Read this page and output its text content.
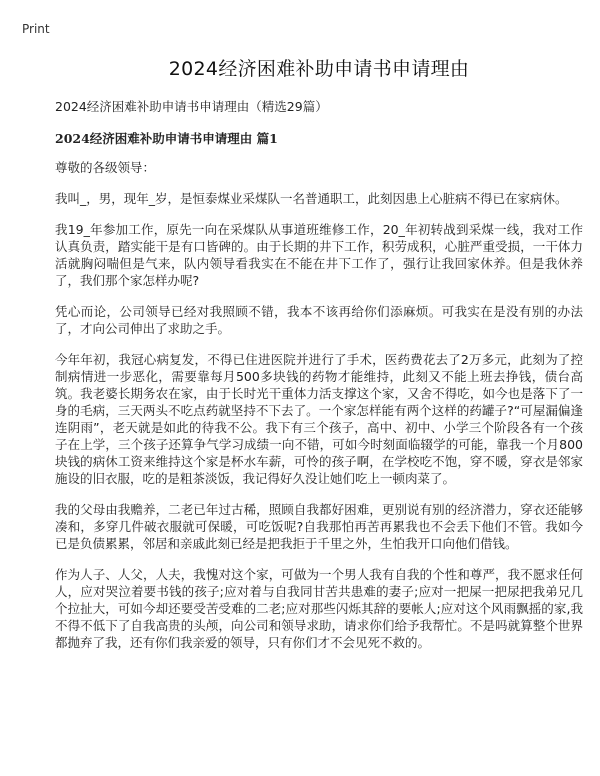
Print
2024经济困难补助申请书申请理由

2024经济困难补助申请书申请理由（精选29篇）

2024经济困难补助申请书申请理由 篇1

尊敬的各级领导：

我叫_，男，现年_岁，是恒泰煤业采煤队一名普通职工，此刻因患上心脏病不得已在家病休。

我19_年参加工作，原先一向在采煤队从事道班维修工作，20_年初转战到采煤一线，我对工作认真负责，踏实能干是有口皆碑的。由于长期的井下工作，积劳成积，心脏严重受损，一干体力活就胸闷喘但是气来，队内领导看我实在不能在井下工作了，强行让我回家休养。但是我休养了，我们那个家怎样办呢?

凭心而论，公司领导已经对我照顾不错，我本不该再给你们添麻烦。可我实在是没有别的办法了，才向公司伸出了求助之手。

今年年初，我冠心病复发，不得已住进医院并进行了手术，医药费花去了2万多元，此刻为了控制病情进一步恶化，需要靠每月500多块钱的药物才能维持，此刻又不能上班去挣钱，债台高筑。我老婆长期务农在家，由于长时光干重体力活支撑这个家，又舍不得吃，如今也是落下了一身的毛病，三天两头不吃点药就坚持不下去了。一个家怎样能有两个这样的药罐子?“可屋漏偏逢连阴雨”，老天就是如此的待我不公。我下有三个孩子，高中、初中、小学三个阶段各有一个孩子在上学，三个孩子还算争气学习成绩一向不错，可如今时刻面临辍学的可能，靠我一个月800块钱的病休工资来维持这个家是杯水车薪，可怜的孩子啊，在学校吃不饱，穿不暖，穿衣是邻家施设的旧衣服，吃的是粗茶淡饭，我记得好久没让她们吃上一顿肉菜了。

我的父母由我赡养，二老已年过古稀，照顾自我都好困难，更别说有别的经济潜力，穿衣还能够凑和，多穿几件破衣服就可保暖，可吃饭呢?自我那怕再苦再累我也不会丢下他们不管。我如今已是负债累累，邻居和亲戚此刻已经是把我拒于千里之外，生怕我开口向他们借钱。

作为人子、人父，人夫，我愧对这个家，可做为一个男人我有自我的个性和尊严，我不愿求任何人，应对哭泣着要书钱的孩子;应对着与自我同甘苦共患难的妻子;应对一把屎一把尿把我弟兄几个拉扯大，可如今却还要受苦受难的二老;应对那些闪烁其辞的要帐人;应对这个风雨飘摇的家,我不得不低下了自我高贵的头颅，向公司和领导求助，请求你们给予我帮忙。不是吗就算整个世界都抛弃了我，还有你们我亲爱的领导，只有你们才不会见死不救的。
